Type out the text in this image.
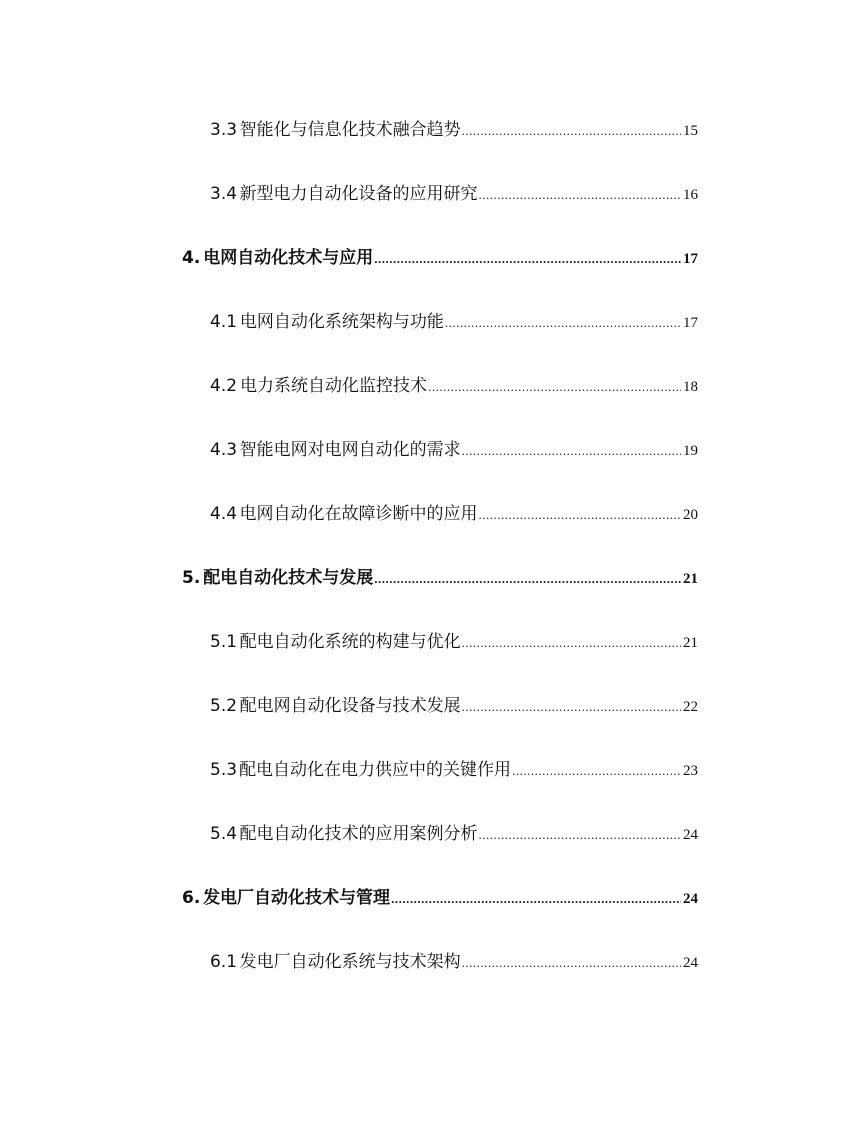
3.3 智能化与信息化技术融合趋势 .....	15
3.4 新型电力自动化设备的应用研究 .....	16
4. 电网自动化技术与应用 .....	17
4.1 电网自动化系统架构与功能 .....	17
4.2 电力系统自动化监控技术 .....	18
4.3 智能电网对电网自动化的需求 .....	19
4.4 电网自动化在故障诊断中的应用 .....	20
5. 配电自动化技术与发展 .....	21
5.1 配电自动化系统的构建与优化 .....	21
5.2 配电网自动化设备与技术发展 .....	22
5.3 配电自动化在电力供应中的关键作用 .....	23
5.4 配电自动化技术的应用案例分析 .....	24
6. 发电厂自动化技术与管理 .....	24
6.1 发电厂自动化系统与技术架构 .....	24
